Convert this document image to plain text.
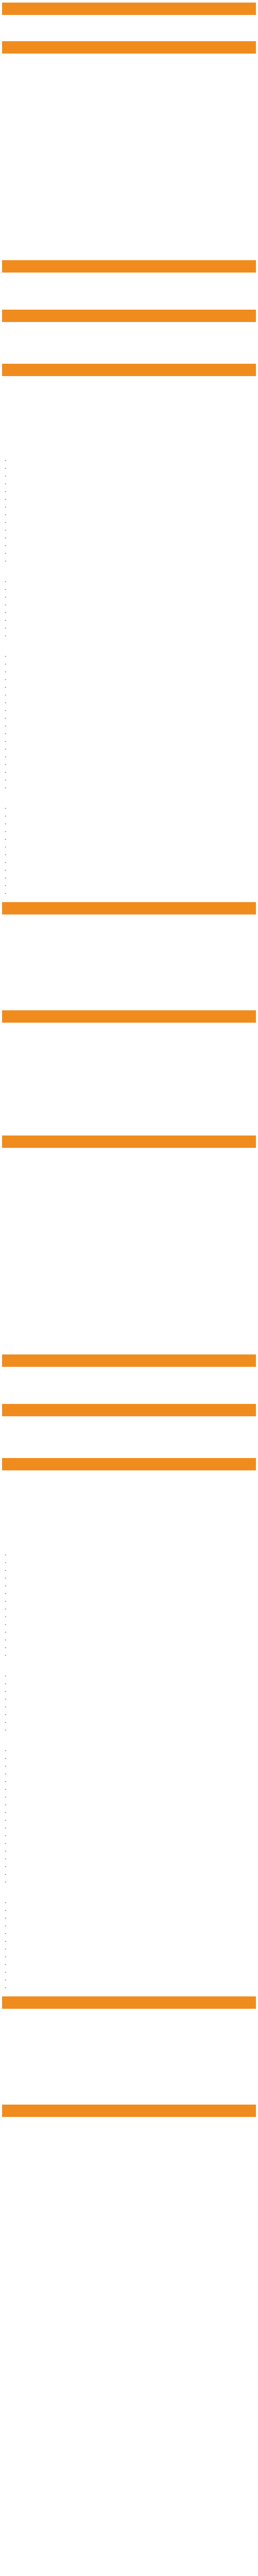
-
-
-
-
-
-
-
-
-
-
-
-
-
-
-
-
-
-
-
-
-
-
-
-
-
-
-
-
-
-
-
-
-
-
-
-
-
-
-
-
-
-
-
-
-
-
-
-
-
-
-
-
-
-
-
-
-
-
-
-
-
-
-
-
-
-
-
-
-
-
-
-
-
-
-
-
-
-
-
-
-
-
-
-
-
-
-
-
-
-
-
-
-
-
-
-
-
-
-
-
-
-
-
-
